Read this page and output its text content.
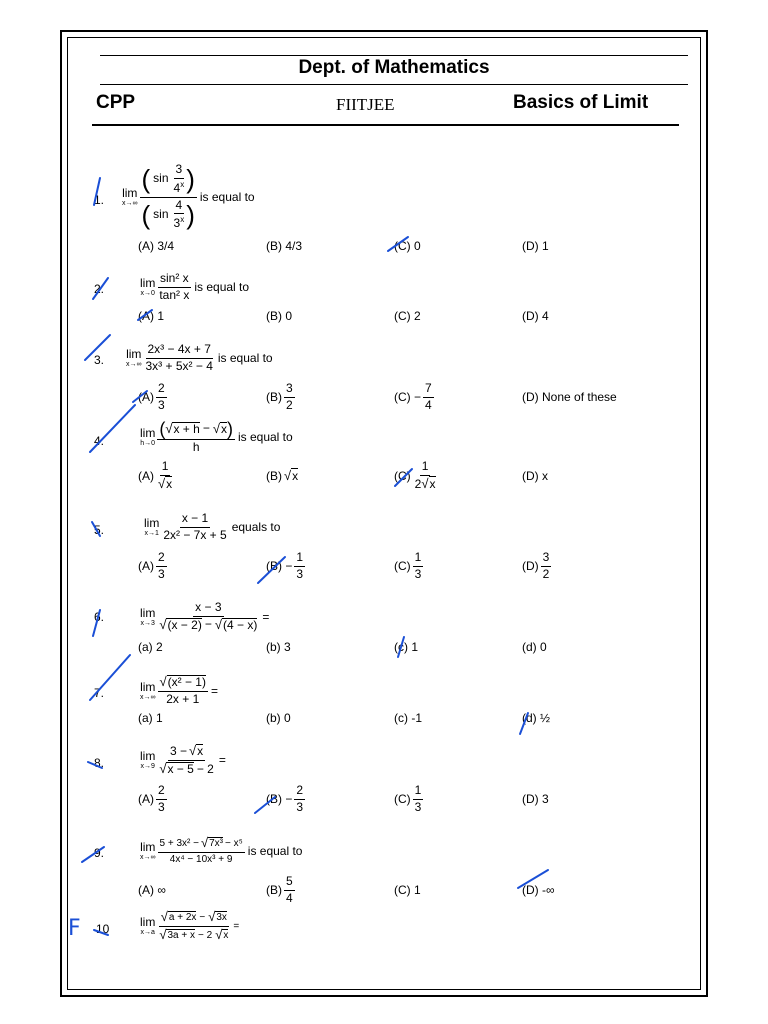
Dept. of Mathematics
CPP	FIITJEE	Basics of Limit
1. lim
$x\to\infty \frac{( \sin \frac{3}{4^x} )}{( \sin \frac{4}{3^x} )}$ is equal to
(A) 3/4	(B) 4/3	(C) 0	(D) 1
2.	lim
$x\to 0 \frac{\text{sin² x}}{\text{tan² x}}$ is equal to
(A) 1	(B) 0	(C) 2	(D) 4
3. lim
$x\to\infty \frac{\text{2x³ − 4x + 7}}{\text{3x³ + 5x² − 4}}$ is equal to
$(A) \frac{2}{3}$	$(B) \frac{3}{2}$	$(C) - \frac{7}{4}$	(D) None of these
4.
lim
$h\to 0 \frac{( √ x + h - √ x )}{h}$ is equal to
$(A) \frac{1}{√x}$	(B) √ x	$(C) \frac{1}{2√x}$	(D) x
5.	lim
$x\to 1 \frac{x - 1}{\text{2x² − 7x + 5}}$ equals to
$(A) \frac{2}{3}$	$(B) - \frac{1}{3}$	$(C) \frac{1}{3}$	$(D) \frac{3}{2}$
6.	lim
$x\to 3 \frac{x - 3}{√ (x - 2) - √ (4 - x)}$ =
(a) 2	(b) 3	(c) 1	(d) 0
7.	lim
$x\to\infty \frac{\text{√ (x² − 1)}}{2x + 1}$ =
(a) 1	(b) 0	(c) -1	(d) ½
8.	lim
$x\to 9 \frac{3 - √ x}{√ x - 5 - 2}$ =
$(A) \frac{2}{3}$	$(B) - \frac{2}{3}$	$(C) \frac{1}{3}$	(D) 3
9.	lim
$x\to\infty \frac{\text{5 + 3x² − √ 7x³ − x⁵}}{\text{4x⁴ − 10x³ + 9}}$ is equal to
(A) ∞	$(B) \frac{5}{4}$	(C) 1	(D) -∞
10
F	lim
$x\to a \frac{√ a + 2x - √ 3x}{√ 3a + x - 2 √ x}$ =
